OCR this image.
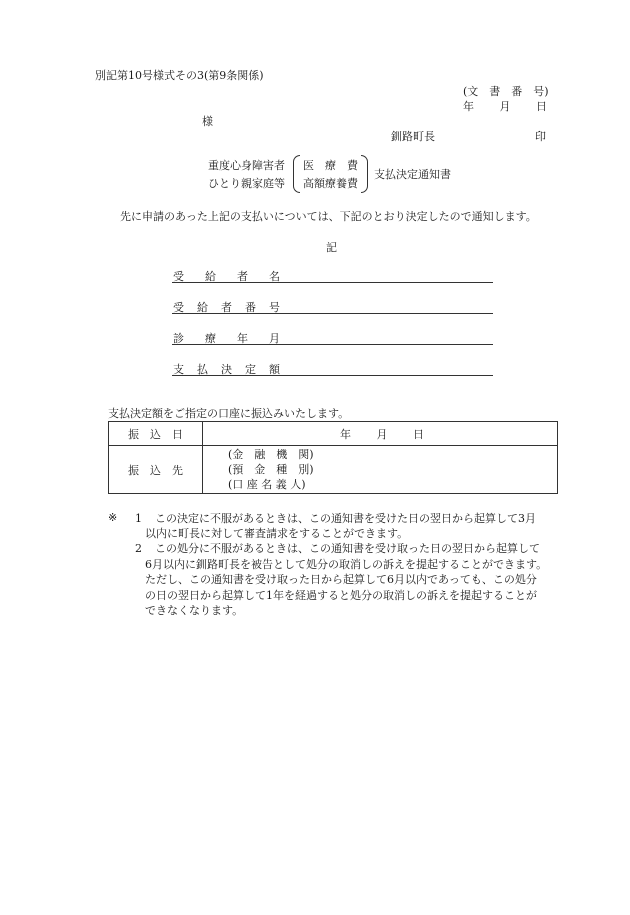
別記第10号様式その3(第9条関係)
(文　書　番　号)
年 月 日
様
釧路町長	印
重度心身障害者
ひとり親家庭等
医　療　費
高額療養費
支払決定通知書
先に申請のあった上記の支払いについては、下記のとおり決定したので通知します。
記
受 給 者 名
受 給 者 番 号
診 療 年 月
支 払 決 定 額
支払決定額をご指定の口座に振込みいたします。
振　込　日	年 月 日

振　込　先	(金　融　機　関)
(預　金　種　別)
(口 座 名 義 人)
※ 1 この決定に不服があるときは、この通知書を受けた日の翌日から起算して3月
以内に町長に対して審査請求をすることができます。
2 この処分に不服があるときは、この通知書を受け取った日の翌日から起算して
6月以内に釧路町長を被告として処分の取消しの訴えを提起することができます。
ただし、この通知書を受け取った日から起算して6月以内であっても、この処分
の日の翌日から起算して1年を経過すると処分の取消しの訴えを提起することが
できなくなります。
